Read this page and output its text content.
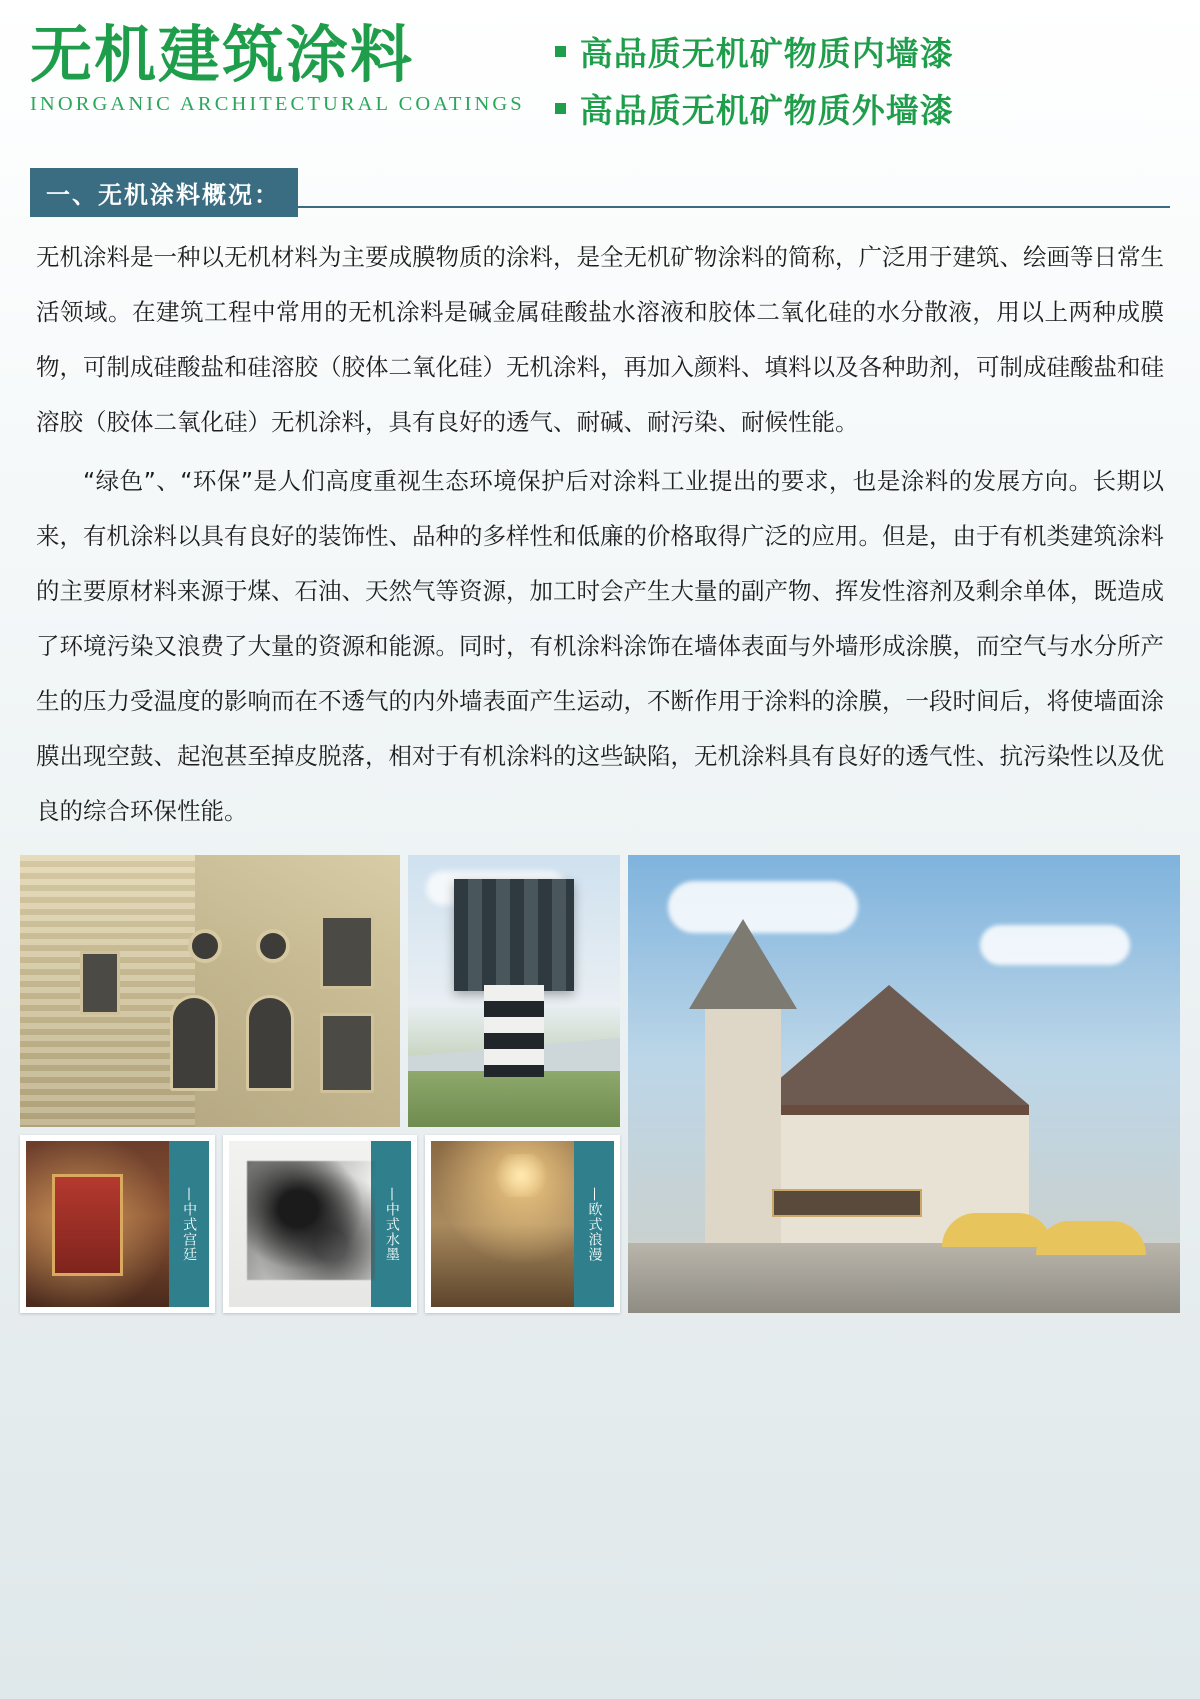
无机建筑涂料
INORGANIC ARCHITECTURAL COATINGS
高品质无机矿物质内墙漆
高品质无机矿物质外墙漆
一、无机涂料概况：

无机涂料是一种以无机材料为主要成膜物质的涂料，是全无机矿物涂料的简称，广泛用于建筑、绘画等日常生活领域。在建筑工程中常用的无机涂料是碱金属硅酸盐水溶液和胶体二氧化硅的水分散液，用以上两种成膜物，可制成硅酸盐和硅溶胶（胶体二氧化硅）无机涂料，再加入颜料、填料以及各种助剂，可制成硅酸盐和硅溶胶（胶体二氧化硅）无机涂料，具有良好的透气、耐碱、耐污染、耐候性能。

“绿色”、“环保”是人们高度重视生态环境保护后对涂料工业提出的要求，也是涂料的发展方向。长期以来，有机涂料以具有良好的装饰性、品种的多样性和低廉的价格取得广泛的应用。但是，由于有机类建筑涂料的主要原材料来源于煤、石油、天然气等资源，加工时会产生大量的副产物、挥发性溶剂及剩余单体，既造成了环境污染又浪费了大量的资源和能源。同时，有机涂料涂饰在墙体表面与外墙形成涂膜，而空气与水分所产生的压力受温度的影响而在不透气的内外墙表面产生运动，不断作用于涂料的涂膜，一段时间后，将使墙面涂膜出现空鼓、起泡甚至掉皮脱落，相对于有机涂料的这些缺陷，无机涂料具有良好的透气性、抗污染性以及优良的综合环保性能。

—中式宫廷	—中式水墨	—欧式浪漫
